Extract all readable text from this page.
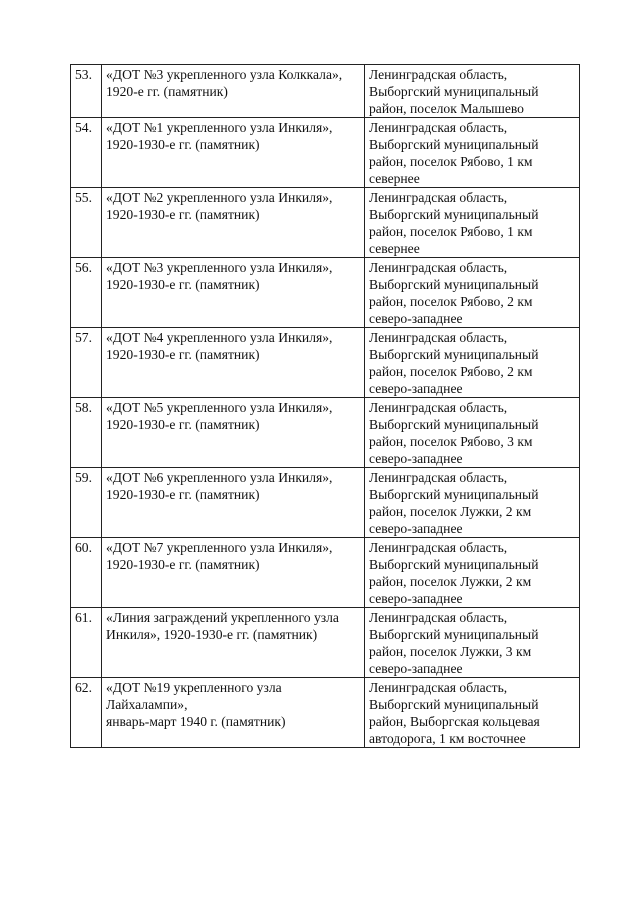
53.	«ДОТ №3 укрепленного узла Колккала»,
1920-е гг. (памятник)	Ленинградская область,
Выборгский муниципальный
район, поселок Малышево

54.	«ДОТ №1 укрепленного узла Инкиля»,
1920-1930-е гг. (памятник)	Ленинградская область,
Выборгский муниципальный
район, поселок Рябово, 1 км
севернее

55.	«ДОТ №2 укрепленного узла Инкиля»,
1920-1930-е гг. (памятник)	Ленинградская область,
Выборгский муниципальный
район, поселок Рябово, 1 км
севернее

56.	«ДОТ №3 укрепленного узла Инкиля»,
1920-1930-е гг. (памятник)	Ленинградская область,
Выборгский муниципальный
район, поселок Рябово, 2 км
северо-западнее

57.	«ДОТ №4 укрепленного узла Инкиля»,
1920-1930-е гг. (памятник)	Ленинградская область,
Выборгский муниципальный
район, поселок Рябово, 2 км
северо-западнее

58.	«ДОТ №5 укрепленного узла Инкиля»,
1920-1930-е гг. (памятник)	Ленинградская область,
Выборгский муниципальный
район, поселок Рябово, 3 км
северо-западнее

59.	«ДОТ №6 укрепленного узла Инкиля»,
1920-1930-е гг. (памятник)	Ленинградская область,
Выборгский муниципальный
район, поселок Лужки, 2 км
северо-западнее

60.	«ДОТ №7 укрепленного узла Инкиля»,
1920-1930-е гг. (памятник)	Ленинградская область,
Выборгский муниципальный
район, поселок Лужки, 2 км
северо-западнее

61.	«Линия заграждений укрепленного узла
Инкиля», 1920-1930-е гг. (памятник)	Ленинградская область,
Выборгский муниципальный
район, поселок Лужки, 3 км
северо-западнее

62.	«ДОТ №19 укрепленного узла
Лайхалампи»,
январь-март 1940 г. (памятник)	Ленинградская область,
Выборгский муниципальный
район, Выборгская кольцевая
автодорога, 1 км восточнее
